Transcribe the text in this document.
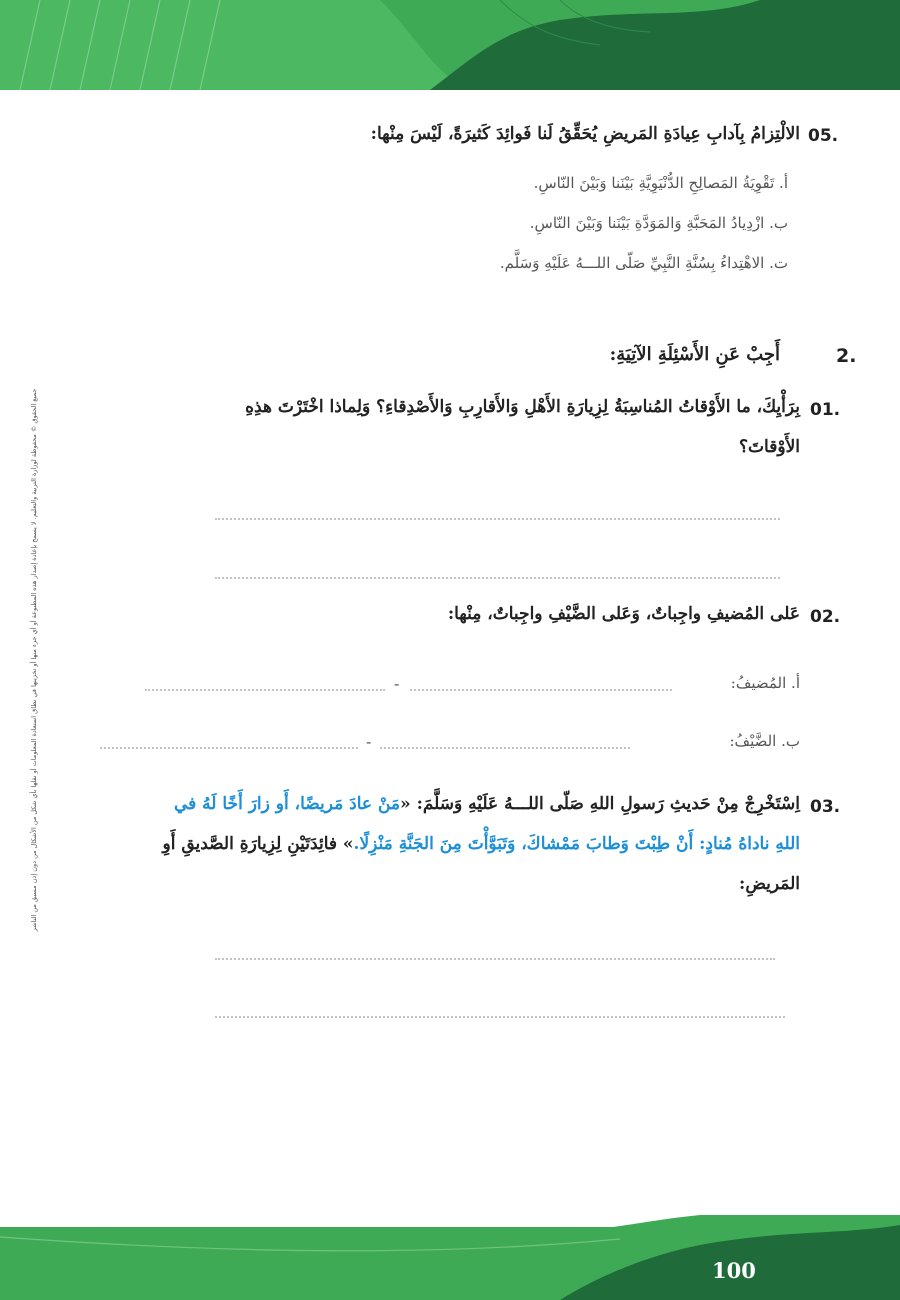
100
جميع الحقوق © محفوظة لوزارة التربية والتعليم. لا يسمح بإعادة إصدار هذه المطبوعة أو أي جزء منها أو تخزينها في نطاق استعادة المعلومات أو نقلها بأي شكل من الأشكال من دون إذن مسبق من الناشر
05.
الالْتِزامُ بِآدابِ عِيادَةِ المَريضِ يُحَقِّقُ لَنا فَوائِدَ كَثيرَةً، لَيْسَ مِنْها:
أ. تَقْوِيَةُ المَصالِحِ الدُّنْيَوِيَّةِ بَيْنَنا وَبَيْنَ النّاسِ.
ب. ازْدِيادُ المَحَبَّةِ وَالمَوَدَّةِ بَيْنَنا وَبَيْنَ النّاسِ.
ت. الاهْتِداءُ بِسُنَّةِ النَّبِيِّ صَلّى اللـــهُ عَلَيْهِ وَسَلَّم.
2.
أَجِبْ عَنِ الأَسْئِلَةِ الآتِيَةِ:
01.
بِرَأْيِكَ، ما الأَوْقاتُ المُناسِبَةُ لِزِيارَةِ الأَهْلِ وَالأَقارِبِ وَالأَصْدِقاءِ؟ وَلِماذا اخْتَرْتَ هذِهِ
الأَوْقاتَ؟
02.
عَلى المُضيفِ واجِباتٌ، وَعَلى الضَّيْفِ واجِباتٌ، مِنْها:
أ. المُضيفُ:
-
ب. الضَّيْفُ:
-
03.
اِسْتَخْرِجْ مِنْ حَديثِ رَسولِ اللهِ صَلّى اللـــهُ عَلَيْهِ وَسَلَّمَ: «مَنْ عادَ مَريضًا، أَو زارَ أَخًا لَهُ في
اللهِ ناداهُ مُنادٍ: أَنْ طِبْتَ وَطابَ مَمْشاكَ، وَتَبَوَّأْتَ مِنَ الجَنَّةِ مَنْزِلًا.» فائِدَتَيْنِ لِزِيارَةِ الصَّديقِ أَوِ
المَريضِ:
